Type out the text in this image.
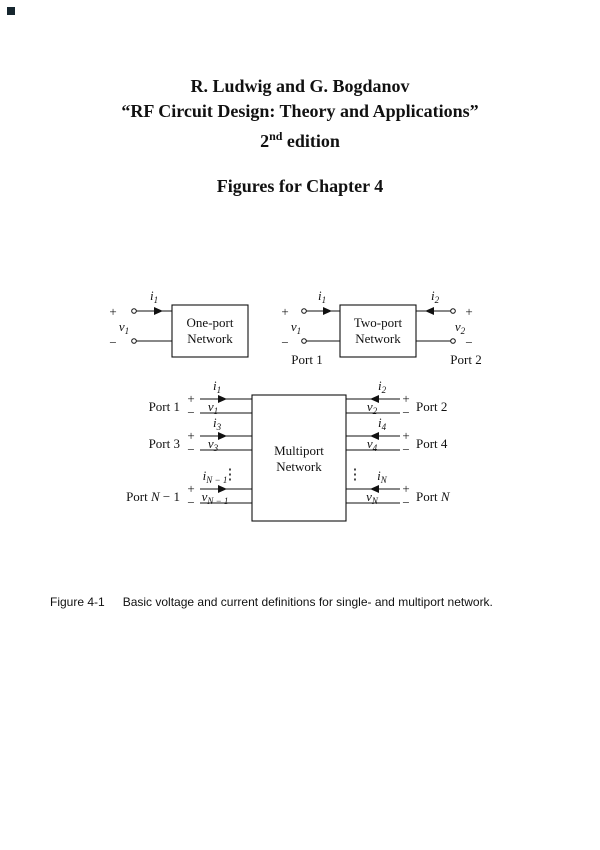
R. Ludwig and G. Bogdanov
“RF Circuit Design: Theory and Applications”
2nd edition
Figures for Chapter 4
One-port
Network
$i_1$
+
$v_1$
−
$i_1$
+
$v_1$
−
Port 1
Two-port
Network
$i_2$
+
$v_2$
−
Port 2
Multiport
Network
$i_1$
+
$v_1$
−
Port 1
$i_3$
+
$v_3$
−
Port 3
⋮
$i_{N - 1}$
+
$v_{N - 1}$
−
Port N − 1
$i_2$
+
$v_2$ − Port 2
$i_4$
+
$v_4$ − Port 4
⋮ $i_N$
+
$v_N$ − Port N
Figure 4-1 Basic voltage and current definitions for single- and multiport network.
